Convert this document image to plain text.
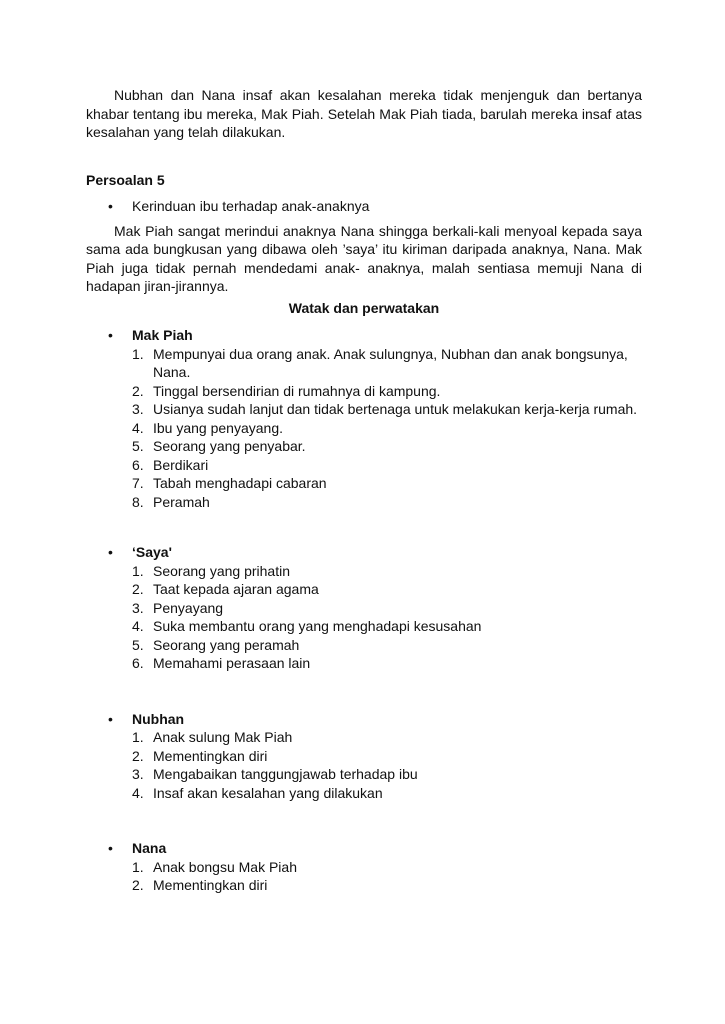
Nubhan dan Nana insaf akan kesalahan mereka tidak menjenguk dan bertanya khabar tentang ibu mereka, Mak Piah. Setelah Mak Piah tiada, barulah mereka insaf atas kesalahan yang telah dilakukan.

Persoalan 5

• Kerinduan ibu terhadap anak-anaknya

Mak Piah sangat merindui anaknya Nana shingga berkali-kali menyoal kepada saya sama ada bungkusan yang dibawa oleh ’saya’ itu kiriman daripada anaknya, Nana. Mak Piah juga tidak pernah mendedami anak- anaknya, malah sentiasa memuji Nana di hadapan jiran-jirannya.

Watak dan perwatakan

• Mak Piah

1. Mempunyai dua orang anak. Anak sulungnya, Nubhan dan anak bongsunya, Nana.
2. Tinggal bersendirian di rumahnya di kampung.
3. Usianya sudah lanjut dan tidak bertenaga untuk melakukan kerja-kerja rumah.
4. Ibu yang penyayang.
5. Seorang yang penyabar.
6. Berdikari
7. Tabah menghadapi cabaran
8. Peramah

• ‘Saya'

1. Seorang yang prihatin
2. Taat kepada ajaran agama
3. Penyayang
4. Suka membantu orang yang menghadapi kesusahan
5. Seorang yang peramah
6. Memahami perasaan lain

• Nubhan

1. Anak sulung Mak Piah
2. Mementingkan diri
3. Mengabaikan tanggungjawab terhadap ibu
4. Insaf akan kesalahan yang dilakukan

• Nana

1. Anak bongsu Mak Piah
2. Mementingkan diri
